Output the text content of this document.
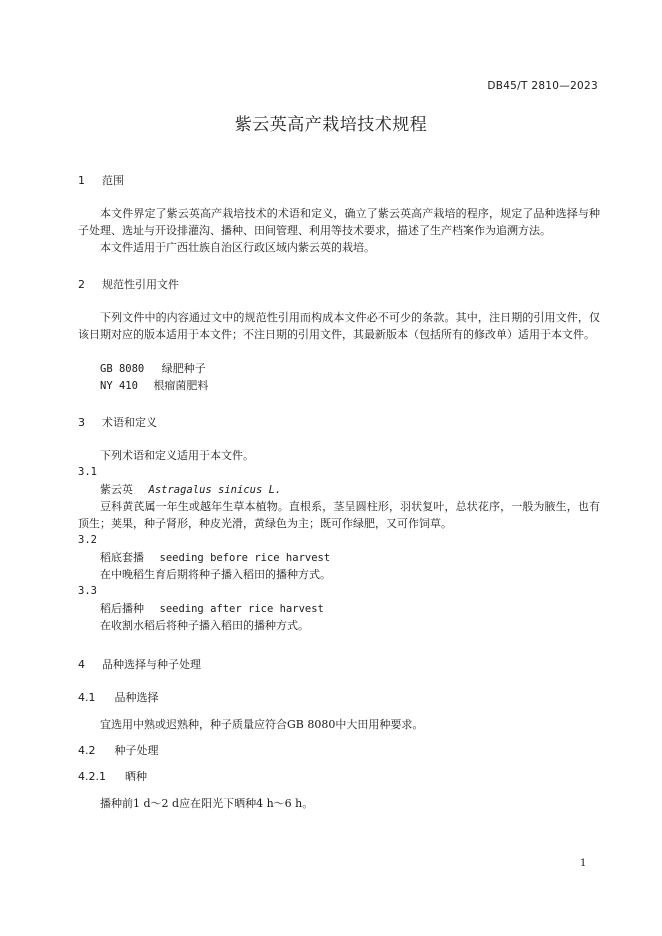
DB45/T 2810—2023
紫云英高产栽培技术规程
1 范围
本文件界定了紫云英高产栽培技术的术语和定义，确立了紫云英高产栽培的程序，规定了品种选择与种子处理、选址与开设排灌沟、播种、田间管理、利用等技术要求，描述了生产档案作为追溯方法。
本文件适用于广西壮族自治区行政区域内紫云英的栽培。
2 规范性引用文件
下列文件中的内容通过文中的规范性引用而构成本文件必不可少的条款。其中，注日期的引用文件，仅该日期对应的版本适用于本文件；不注日期的引用文件，其最新版本（包括所有的修改单）适用于本文件。
GB 8080 绿肥种子
NY 410 根瘤菌肥料
3 术语和定义
下列术语和定义适用于本文件。
3.1
紫云英 Astragalus sinicus L.
豆科黄芪属一年生或越年生草本植物。直根系，茎呈圆柱形，羽状复叶，总状花序，一般为腋生，也有顶生；荚果，种子肾形，种皮光滑，黄绿色为主；既可作绿肥，又可作饲草。
3.2
稻底套播 seeding before rice harvest
在中晚稻生育后期将种子播入稻田的播种方式。
3.3
稻后播种 seeding after rice harvest
在收割水稻后将种子播入稻田的播种方式。
4 品种选择与种子处理
4.1 品种选择
宜选用中熟或迟熟种，种子质量应符合GB 8080中大田用种要求。
4.2 种子处理
4.2.1 晒种
播种前1 d～2 d应在阳光下晒种4 h～6 h。
1
